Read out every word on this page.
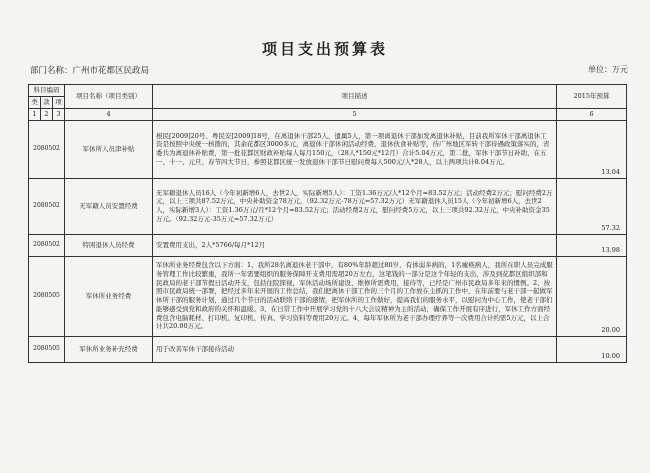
项目支出预算表
部门名称：广州市花都区民政局	单位：万元
科目编码			项目名称（项目类别）	项目描述	2015年预算
类	款	项			
1	2	3	4	5	6
2080502			军休所人员津补贴	根民[2009]20号、粤民安[2009]18号，在离退休干部25人，遗属5人，第一项离退休干部加发离退休补贴，目前我所军休干部离退休工资是按照中央统一核拨的，其余花都区3000多元，离退休干部休闲活动经费，退休伙食补贴等，待广州地区军转干部待遇政策落实的，省委共为离退休补贴费，第一批花都区财政补贴每人每月150元，（28人*150元*12月）合计5.04万元，第二批，军休干部节日补助，在五一、十一、元旦、春节四大节日，参照花都区统一发放退休干部节日慰问费每人500元/人*28人，以上两项共计8.04万元。	13.04
2080502			无军籍人员安置经费	无军籍退休人员16人（今年初新增6人，去世2人，实际新增5人）：工资1.36万元/人*12个月=83.52万元；活动经费2万元；慰问经费2万元，以上三项共87.52万元，中央补助资金78万元，（92.32万元-78万元=57.32万元）无军籍退休人员15人（今年初新增6人，去世2人，实际新增3人）：工资1.36万元/月*12个月=83.52万元；活动经费2万元，慰问经费5万元，以上三项共92.32万元，中央补助资金35万元。（92.32万元-35万元=57.32万元）	57.32
2080502			特困退休人员经费	安置费用支出，2人*5766/每月*12月	13.98
2080505			军休所业务经费	军休所业务经费包含以下方面：1、我所28名离退休老干部中，有80%年龄超过80岁，有体弱多病的，1名瘫痪病人，我所在职人员完成服务管理工作比较繁重，我所一年需要组织的服务保障开支费用需超20万左右，这笔钱的一部分是这个年轻的支出，涉及到花都区组织部和民政局的老干部节假日活动开支，包括住院探视，军休活动场所建设、维修所需费用，接待等，已经是广州市民政局多年来的惯例。2、按照市民政局统一部署，把经过多年来开展的工作总结，我们把离休干部工作的三个月的工作放在主抓的工作中，在年前要与老干部一起做军休所干部的服务计划，通过几个节日的活动联络干部的感情，把军休所的工作做好，提高我们的服务水平，以慰问为中心工作，使老干部们能够感受到党和政府的关怀和温暖。3、在日常工作中开展学习党的十八大会议精神为主的活动，确保工作开展有序进行，军休工作方面经费包含电脑耗材、打印机、复印机、传真、学习资料等费用20万元。4、每年军休所为老干部办理疗养等一次费用合计约需5万元，以上合计共20.00万元。	20.00
2080505			军休所业务补充经费	用于改善军休干部接待活动	10.00
